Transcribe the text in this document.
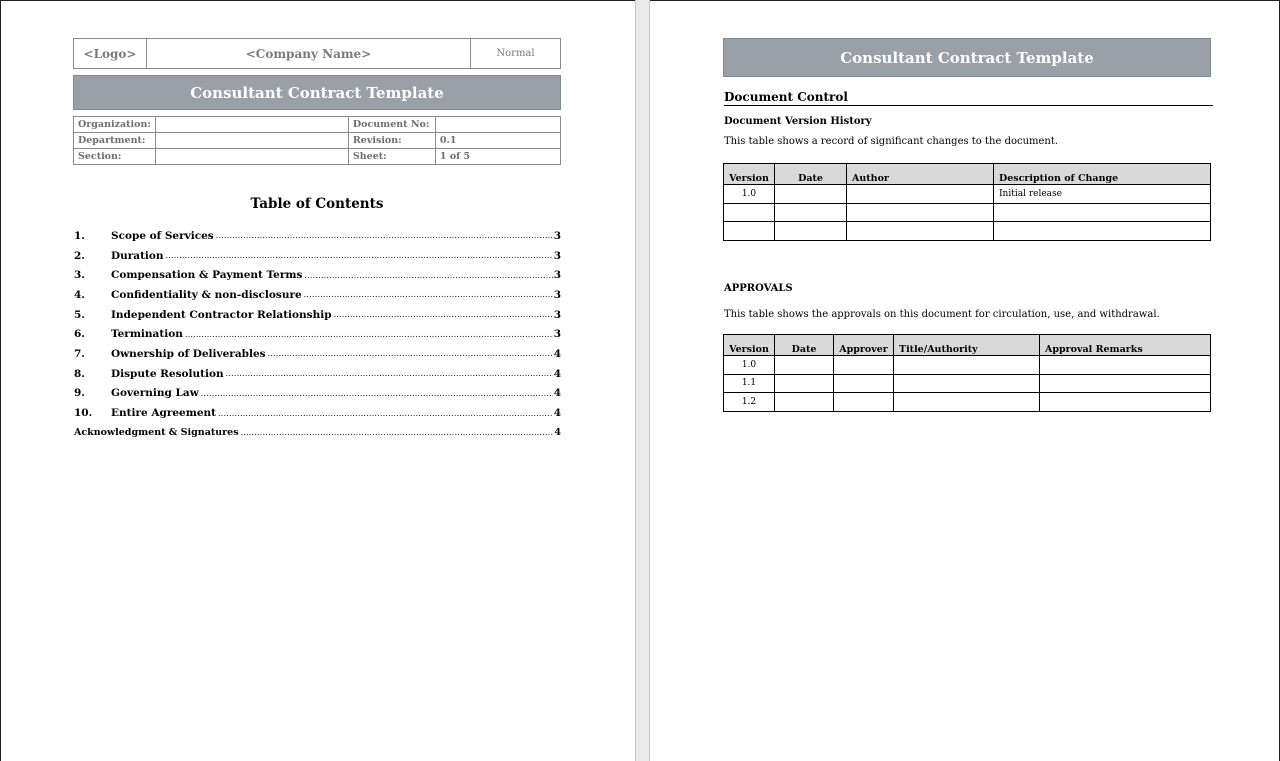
<Logo>	<Company Name>	Normal
Consultant Contract Template
Organization:		Document No:	
Department:		Revision:	0.1
Section:		Sheet:	1 of 5
Table of Contents
1.	Scope of Services .....	3
2.	Duration .....	3
3.	Compensation & Payment Terms .....	3
4.	Confidentiality & non-disclosure .....	3
5.	Independent Contractor Relationship .....	3
6.	Termination .....	3
7.	Ownership of Deliverables .....	4
8.	Dispute Resolution .....	4
9.	Governing Law .....	4
10.	Entire Agreement .....	4
Acknowledgment & Signatures .....	4
Consultant Contract Template
Document Control
Document Version History
This table shows a record of significant changes to the document.
Version	Date	Author	Description of Change
1.0			Initial release

APPROVALS
This table shows the approvals on this document for circulation, use, and withdrawal.
Version	Date	Approver	Title/Authority	Approval Remarks
1.0				
1.1				
1.2				
